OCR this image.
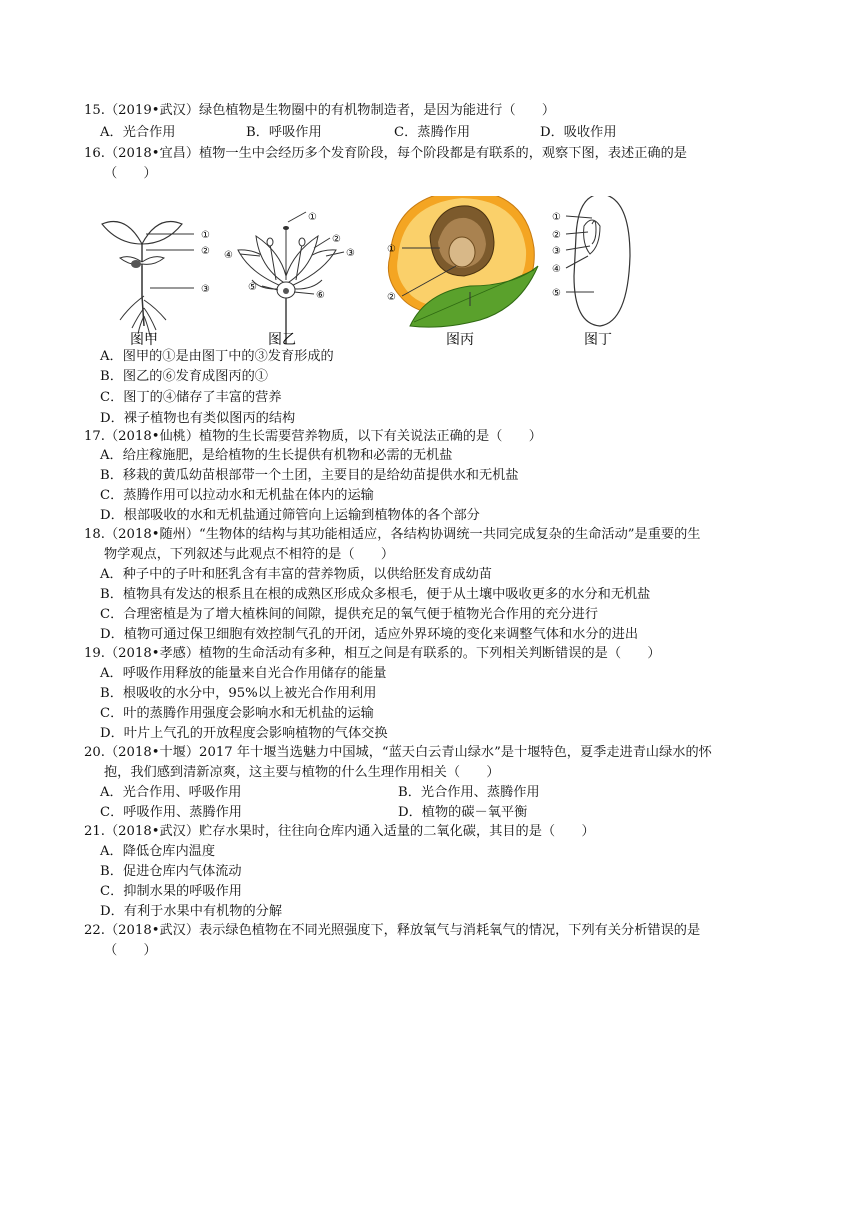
15.（2019•武汉）绿色植物是生物圈中的有机物制造者，是因为能进行（　　）
A．光合作用	B．呼吸作用	C．蒸腾作用	D．吸收作用
16.（2018•宜昌）植物一生中会经历多个发育阶段，每个阶段都是有联系的，观察下图，表述正确的是
（　　）
①
②
③
图甲
①
②
③
④
⑤
⑥
图乙
①
②
图丙
①
②
③
④
⑤
图丁
A．图甲的①是由图丁中的③发育形成的
B．图乙的⑥发育成图丙的①
C．图丁的④储存了丰富的营养
D．裸子植物也有类似图丙的结构
17.（2018•仙桃）植物的生长需要营养物质，以下有关说法正确的是（　　）
A．给庄稼施肥，是给植物的生长提供有机物和必需的无机盐
B．移栽的黄瓜幼苗根部带一个土团，主要目的是给幼苗提供水和无机盐
C．蒸腾作用可以拉动水和无机盐在体内的运输
D．根部吸收的水和无机盐通过筛管向上运输到植物体的各个部分
18.（2018•随州）“生物体的结构与其功能相适应，各结构协调统一共同完成复杂的生命活动”是重要的生
物学观点，下列叙述与此观点不相符的是（　　）
A．种子中的子叶和胚乳含有丰富的营养物质，以供给胚发育成幼苗
B．植物具有发达的根系且在根的成熟区形成众多根毛，便于从土壤中吸收更多的水分和无机盐
C．合理密植是为了增大植株间的间隙，提供充足的氧气便于植物光合作用的充分进行
D．植物可通过保卫细胞有效控制气孔的开闭，适应外界环境的变化来调整气体和水分的进出
19.（2018•孝感）植物的生命活动有多种，相互之间是有联系的。下列相关判断错误的是（　　）
A．呼吸作用释放的能量来自光合作用储存的能量
B．根吸收的水分中，95%以上被光合作用利用
C．叶的蒸腾作用强度会影响水和无机盐的运输
D．叶片上气孔的开放程度会影响植物的气体交换
20.（2018•十堰）2017 年十堰当选魅力中国城，“蓝天白云青山绿水”是十堰特色，夏季走进青山绿水的怀
抱，我们感到清新凉爽，这主要与植物的什么生理作用相关（　　）
A．光合作用、呼吸作用	B．光合作用、蒸腾作用
C．呼吸作用、蒸腾作用	D．植物的碳－氧平衡
21.（2018•武汉）贮存水果时，往往向仓库内通入适量的二氧化碳，其目的是（　　）
A．降低仓库内温度
B．促进仓库内气体流动
C．抑制水果的呼吸作用
D．有利于水果中有机物的分解
22.（2018•武汉）表示绿色植物在不同光照强度下，释放氧气与消耗氧气的情况，下列有关分析错误的是
（　　）
